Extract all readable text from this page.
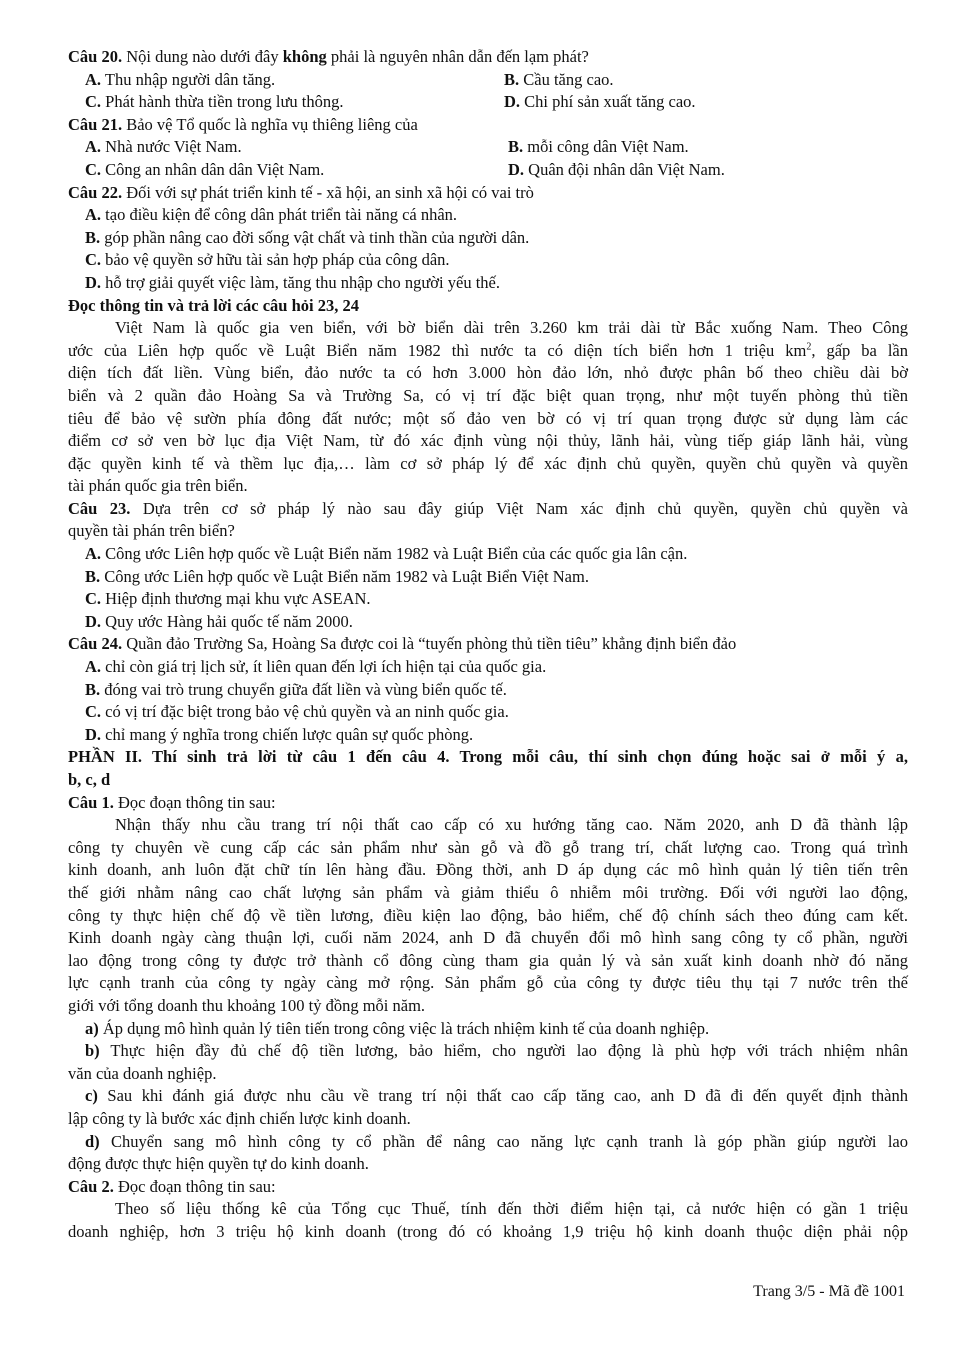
Câu 20. Nội dung nào dưới đây không phải là nguyên nhân dẫn đến lạm phát?
A. Thu nhập người dân tăng.	B. Cầu tăng cao.
C. Phát hành thừa tiền trong lưu thông.	D. Chi phí sản xuất tăng cao.
Câu 21. Bảo vệ Tổ quốc là nghĩa vụ thiêng liêng của
A. Nhà nước Việt Nam.	B. mỗi công dân Việt Nam.
C. Công an nhân dân dân Việt Nam.	D. Quân đội nhân dân Việt Nam.
Câu 22. Đối với sự phát triển kinh tế - xã hội, an sinh xã hội có vai trò
A. tạo điều kiện để công dân phát triển tài năng cá nhân.
B. góp phần nâng cao đời sống vật chất và tinh thần của người dân.
C. bảo vệ quyền sở hữu tài sản hợp pháp của công dân.
D. hỗ trợ giải quyết việc làm, tăng thu nhập cho người yếu thế.
Đọc thông tin và trả lời các câu hỏi 23, 24
Việt Nam là quốc gia ven biển, với bờ biển dài trên 3.260 km trải dài từ Bắc xuống Nam. Theo Công
ước của Liên hợp quốc về Luật Biển năm 1982 thì nước ta có diện tích biển hơn 1 triệu $km^2$, gấp ba lần
diện tích đất liền. Vùng biển, đảo nước ta có hơn 3.000 hòn đảo lớn, nhỏ được phân bố theo chiều dài bờ
biển và 2 quần đảo Hoàng Sa và Trường Sa, có vị trí đặc biệt quan trọng, như một tuyến phòng thủ tiền
tiêu để bảo vệ sườn phía đông đất nước; một số đảo ven bờ có vị trí quan trọng được sử dụng làm các
điểm cơ sở ven bờ lục địa Việt Nam, từ đó xác định vùng nội thủy, lãnh hải, vùng tiếp giáp lãnh hải, vùng
đặc quyền kinh tế và thềm lục địa,… làm cơ sở pháp lý để xác định chủ quyền, quyền chủ quyền và quyền
tài phán quốc gia trên biển.
Câu 23. Dựa trên cơ sở pháp lý nào sau đây giúp Việt Nam xác định chủ quyền, quyền chủ quyền và
quyền tài phán trên biển?
A. Công ước Liên hợp quốc về Luật Biển năm 1982 và Luật Biển của các quốc gia lân cận.
B. Công ước Liên hợp quốc về Luật Biển năm 1982 và Luật Biển Việt Nam.
C. Hiệp định thương mại khu vực ASEAN.
D. Quy ước Hàng hải quốc tế năm 2000.
Câu 24. Quần đảo Trường Sa, Hoàng Sa được coi là “tuyến phòng thủ tiền tiêu” khẳng định biển đảo
A. chỉ còn giá trị lịch sử, ít liên quan đến lợi ích hiện tại của quốc gia.
B. đóng vai trò trung chuyển giữa đất liền và vùng biển quốc tế.
C. có vị trí đặc biệt trong bảo vệ chủ quyền và an ninh quốc gia.
D. chỉ mang ý nghĩa trong chiến lược quân sự quốc phòng.
PHẦN II. Thí sinh trả lời từ câu 1 đến câu 4. Trong mỗi câu, thí sinh chọn đúng hoặc sai ở mỗi ý a,
b, c, d
Câu 1. Đọc đoạn thông tin sau:
Nhận thấy nhu cầu trang trí nội thất cao cấp có xu hướng tăng cao. Năm 2020, anh D đã thành lập
công ty chuyên về cung cấp các sản phẩm như sàn gỗ và đồ gỗ trang trí, chất lượng cao. Trong quá trình
kinh doanh, anh luôn đặt chữ tín lên hàng đầu. Đồng thời, anh D áp dụng các mô hình quản lý tiên tiến trên
thế giới nhằm nâng cao chất lượng sản phẩm và giảm thiểu ô nhiễm môi trường. Đối với người lao động,
công ty thực hiện chế độ về tiền lương, điều kiện lao động, bảo hiểm, chế độ chính sách theo đúng cam kết.
Kinh doanh ngày càng thuận lợi, cuối năm 2024, anh D đã chuyển đổi mô hình sang công ty cổ phần, người
lao động trong công ty được trở thành cổ đông cùng tham gia quản lý và sản xuất kinh doanh nhờ đó năng
lực cạnh tranh của công ty ngày càng mở rộng. Sản phẩm gỗ của công ty được tiêu thụ tại 7 nước trên thế
giới với tổng doanh thu khoảng 100 tỷ đồng mỗi năm.
a) Áp dụng mô hình quản lý tiên tiến trong công việc là trách nhiệm kinh tế của doanh nghiệp.
b) Thực hiện đầy đủ chế độ tiền lương, bảo hiểm, cho người lao động là phù hợp với trách nhiệm nhân
văn của doanh nghiệp.
c) Sau khi đánh giá được nhu cầu về trang trí nội thất cao cấp tăng cao, anh D đã đi đến quyết định thành
lập công ty là bước xác định chiến lược kinh doanh.
d) Chuyển sang mô hình công ty cổ phần để nâng cao năng lực cạnh tranh là góp phần giúp người lao
động được thực hiện quyền tự do kinh doanh.
Câu 2. Đọc đoạn thông tin sau:
Theo số liệu thống kê của Tổng cục Thuế, tính đến thời điểm hiện tại, cả nước hiện có gần 1 triệu
doanh nghiệp, hơn 3 triệu hộ kinh doanh (trong đó có khoảng 1,9 triệu hộ kinh doanh thuộc diện phải nộp
Trang 3/5 - Mã đề 1001
